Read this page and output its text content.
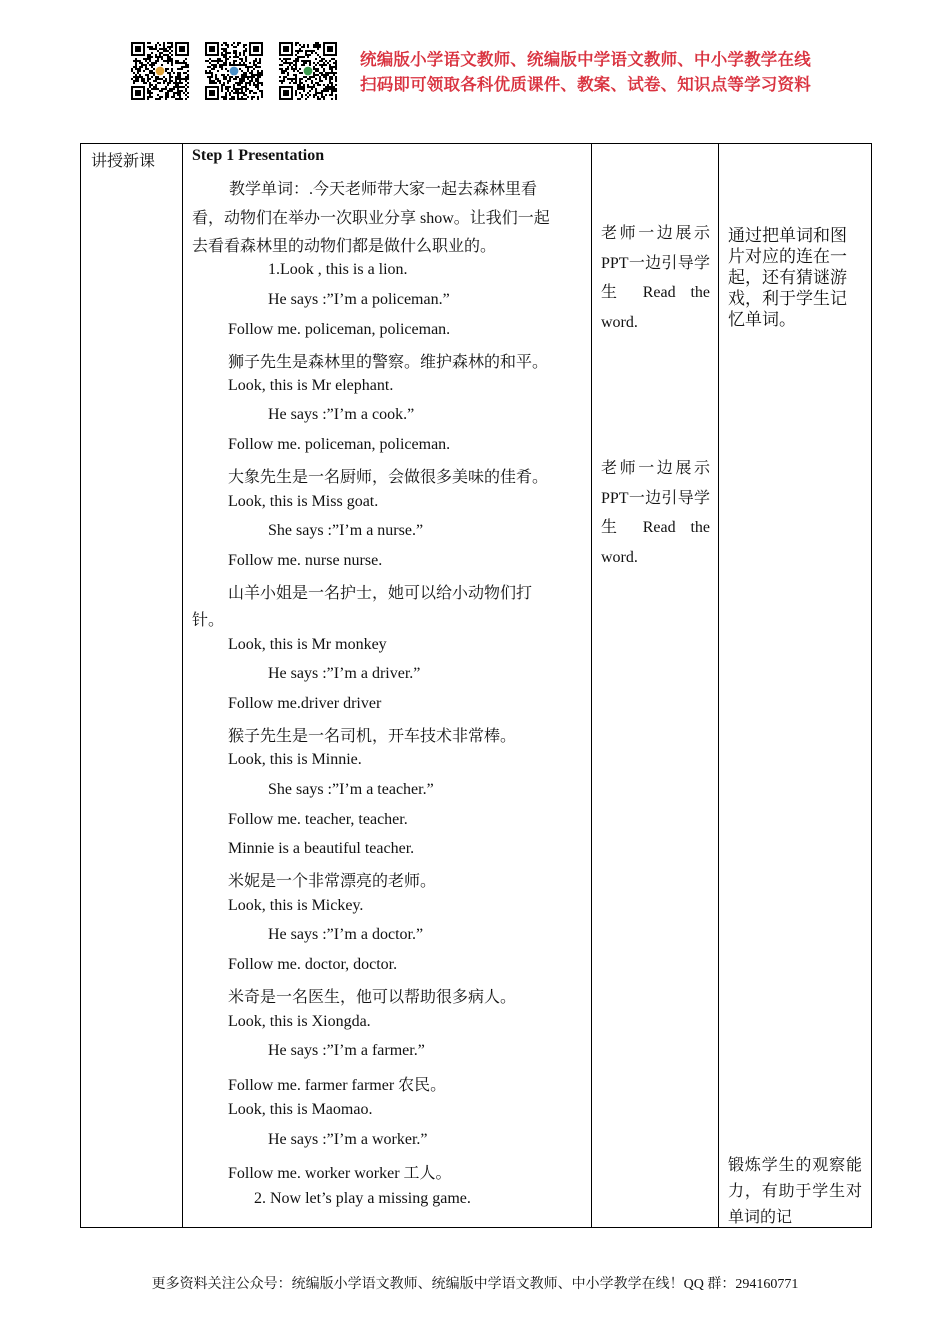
统编版小学语文教师、统编版中学语文教师、中小学教学在线
扫码即可领取各科优质课件、教案、试卷、知识点等学习资料
讲授新课 Step 1 Presentation
教学单词：.今天老师带大家一起去森林里看
看，动物们在举办一次职业分享 show。让我们一起
去看看森林里的动物们都是做什么职业的。
1.Look , this is a lion.
He says :”I’m a policeman.”
Follow me. policeman, policeman.
狮子先生是森林里的警察。维护森林的和平。
Look, this is Mr elephant.
He says :”I’m a cook.”
Follow me. policeman, policeman.
大象先生是一名厨师，会做很多美味的佳肴。
Look, this is Miss goat.
She says :”I’m a nurse.”
Follow me. nurse nurse.
山羊小姐是一名护士，她可以给小动物们打
针。
Look, this is Mr monkey
He says :”I’m a driver.”
Follow me.driver driver
猴子先生是一名司机，开车技术非常棒。
Look, this is Minnie.
She says :”I’m a teacher.”
Follow me. teacher, teacher.
Minnie is a beautiful teacher.
米妮是一个非常漂亮的老师。
Look, this is Mickey.
He says :”I’m a doctor.”
Follow me. doctor, doctor.
米奇是一名医生，他可以帮助很多病人。
Look, this is Xiongda.
He says :”I’m a farmer.”
Follow me. farmer farmer 农民。
Look, this is Maomao.
He says :”I’m a worker.”
Follow me. worker worker 工人。
2. Now let’s play a missing game.
老师一边展示PPT一边引导学生 Read the word.
老师一边展示PPT一边引导学生 Read the word.
通过把单词和图片对应的连在一起，还有猜谜游戏，利于学生记忆单词。
锻炼学生的观察能力，有助于学生对单词的记
更多资料关注公众号：统编版小学语文教师、统编版中学语文教师、中小学教学在线！QQ 群：294160771
